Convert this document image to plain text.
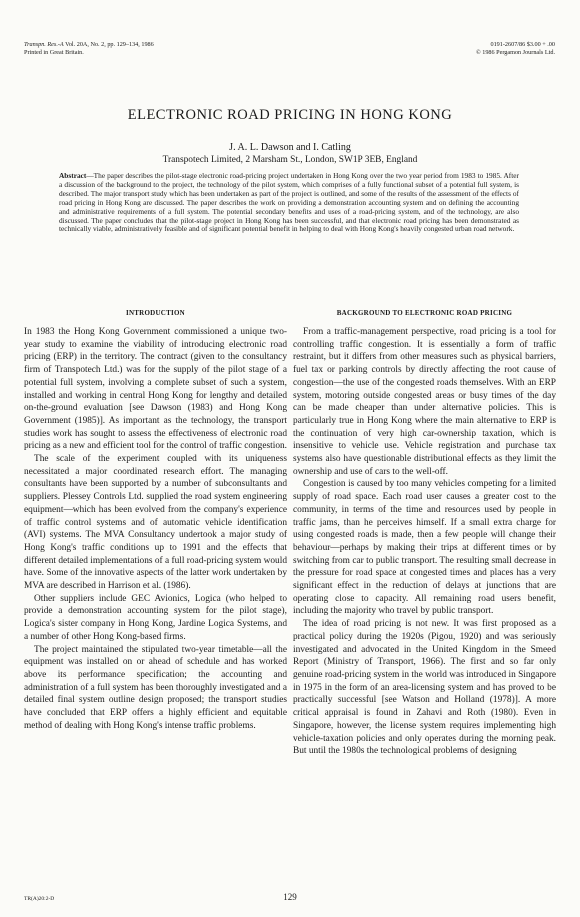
Transpn. Res.-A Vol. 20A, No. 2, pp. 129–134, 1986
Printed in Great Britain.
0191-2607/86 $3.00 + .00
© 1986 Pergamon Journals Ltd.
ELECTRONIC ROAD PRICING IN HONG KONG
J. A. L. Dawson and I. Catling
Transpotech Limited, 2 Marsham St., London, SW1P 3EB, England
Abstract—The paper describes the pilot-stage electronic road-pricing project undertaken in Hong Kong over the two year period from 1983 to 1985. After a discussion of the background to the project, the technology of the pilot system, which comprises of a fully functional subset of a potential full system, is described. The major transport study which has been undertaken as part of the project is outlined, and some of the results of the assessment of the effects of road pricing in Hong Kong are discussed. The paper describes the work on providing a demonstration accounting system and on defining the accounting and administrative requirements of a full system. The potential secondary benefits and uses of a road-pricing system, and of the technology, are also discussed. The paper concludes that the pilot-stage project in Hong Kong has been successful, and that electronic road pricing has been demonstrated as technically viable, administratively feasible and of significant potential benefit in helping to deal with Hong Kong's heavily congested urban road network.
INTRODUCTION

In 1983 the Hong Kong Government commissioned a unique two-year study to examine the viability of introducing electronic road pricing (ERP) in the territory. The contract (given to the consultancy firm of Transpotech Ltd.) was for the supply of the pilot stage of a potential full system, involving a complete subset of such a system, installed and working in central Hong Kong for lengthy and detailed on-the-ground evaluation [see Dawson (1983) and Hong Kong Government (1985)]. As important as the technology, the transport studies work has sought to assess the effectiveness of electronic road pricing as a new and efficient tool for the control of traffic congestion.

The scale of the experiment coupled with its uniqueness necessitated a major coordinated research effort. The managing consultants have been supported by a number of subconsultants and suppliers. Plessey Controls Ltd. supplied the road system engineering equipment—which has been evolved from the company's experience of traffic control systems and of automatic vehicle identification (AVI) systems. The MVA Consultancy undertook a major study of Hong Kong's traffic conditions up to 1991 and the effects that different detailed implementations of a full road-pricing system would have. Some of the innovative aspects of the latter work undertaken by MVA are described in Harrison et al. (1986).

Other suppliers include GEC Avionics, Logica (who helped to provide a demonstration accounting system for the pilot stage), Logica's sister company in Hong Kong, Jardine Logica Systems, and a number of other Hong Kong-based firms.

The project maintained the stipulated two-year timetable—all the equipment was installed on or ahead of schedule and has worked above its performance specification; the accounting and administration of a full system has been thoroughly investigated and a detailed final system outline design proposed; the transport studies have concluded that ERP offers a highly efficient and equitable method of dealing with Hong Kong's intense traffic problems.

BACKGROUND TO ELECTRONIC ROAD PRICING

From a traffic-management perspective, road pricing is a tool for controlling traffic congestion. It is essentially a form of traffic restraint, but it differs from other measures such as physical barriers, fuel tax or parking controls by directly affecting the root cause of congestion—the use of the congested roads themselves. With an ERP system, motoring outside congested areas or busy times of the day can be made cheaper than under alternative policies. This is particularly true in Hong Kong where the main alternative to ERP is the continuation of very high car-ownership taxation, which is insensitive to vehicle use. Vehicle registration and purchase tax systems also have questionable distributional effects as they limit the ownership and use of cars to the well-off.

Congestion is caused by too many vehicles competing for a limited supply of road space. Each road user causes a greater cost to the community, in terms of the time and resources used by people in traffic jams, than he perceives himself. If a small extra charge for using congested roads is made, then a few people will change their behaviour—perhaps by making their trips at different times or by switching from car to public transport. The resulting small decrease in the pressure for road space at congested times and places has a very significant effect in the reduction of delays at junctions that are operating close to capacity. All remaining road users benefit, including the majority who travel by public transport.

The idea of road pricing is not new. It was first proposed as a practical policy during the 1920s (Pigou, 1920) and was seriously investigated and advocated in the United Kingdom in the Smeed Report (Ministry of Transport, 1966). The first and so far only genuine road-pricing system in the world was introduced in Singapore in 1975 in the form of an area-licensing system and has proved to be practically successful [see Watson and Holland (1978)]. A more critical appraisal is found in Zahavi and Roth (1980). Even in Singapore, however, the license system requires implementing high vehicle-taxation policies and only operates during the morning peak. But until the 1980s the technological problems of designing

TR(A)20:2-D	129
